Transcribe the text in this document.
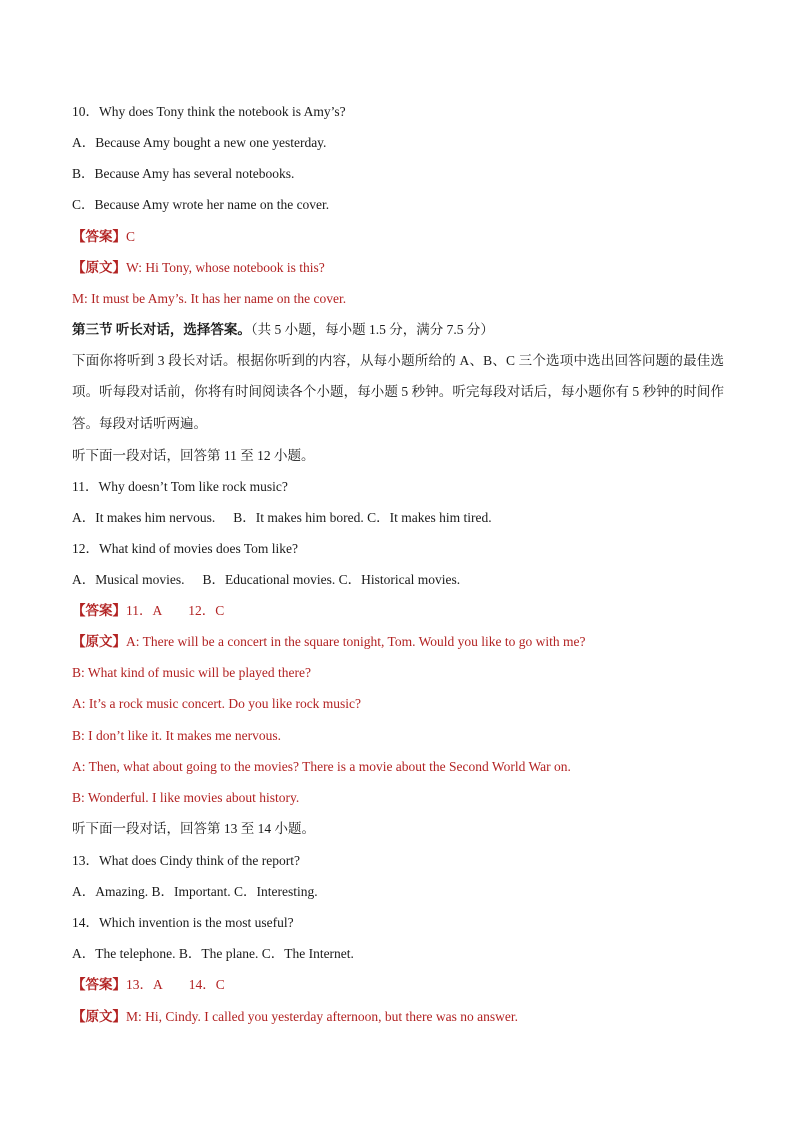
10．Why does Tony think the notebook is Amy’s?
A．Because Amy bought a new one yesterday.
B．Because Amy has several notebooks.
C．Because Amy wrote her name on the cover.
【答案】C
【原文】W: Hi Tony, whose notebook is this?
M: It must be Amy’s. It has her name on the cover.
第三节 听长对话，选择答案。（共 5 小题，每小题 1.5 分，满分 7.5 分）
下面你将听到 3 段长对话。根据你听到的内容，从每小题所给的 A、B、C 三个选项中选出回答问题的最佳选项。听每段对话前，你将有时间阅读各个小题，每小题 5 秒钟。听完每段对话后，每小题你有 5 秒钟的时间作答。每段对话听两遍。
听下面一段对话，回答第 11 至 12 小题。
11．Why doesn’t Tom like rock music?
A．It makes him nervous. B．It makes him bored. C．It makes him tired.
12．What kind of movies does Tom like?
A．Musical movies. B．Educational movies. C．Historical movies.
【答案】11．A 12．C
【原文】A: There will be a concert in the square tonight, Tom. Would you like to go with me?
B: What kind of music will be played there?
A: It’s a rock music concert. Do you like rock music?
B: I don’t like it. It makes me nervous.
A: Then, what about going to the movies? There is a movie about the Second World War on.
B: Wonderful. I like movies about history.
听下面一段对话，回答第 13 至 14 小题。
13．What does Cindy think of the report?
A．Amazing. B．Important. C．Interesting.
14．Which invention is the most useful?
A．The telephone. B．The plane. C．The Internet.
【答案】13．A 14．C
【原文】M: Hi, Cindy. I called you yesterday afternoon, but there was no answer.
